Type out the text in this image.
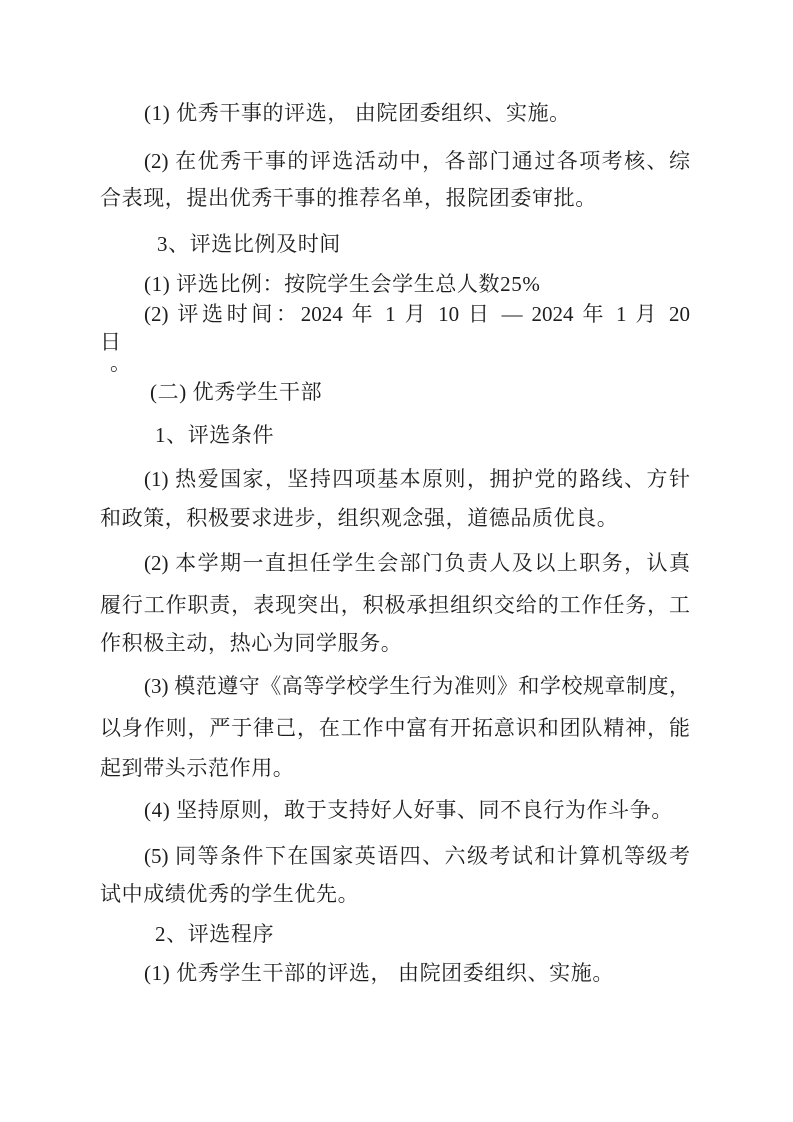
(1) 优秀干事的评选， 由院团委组织、实施。
(2) 在优秀干事的评选活动中，各部门通过各项考核、综
合表现，提出优秀干事的推荐名单，报院团委审批。
3、评选比例及时间
(1) 评选比例：按院学生会学生总人数25%
(2) 评选时间：2024 年 1 月 10 日 — 2024 年 1 月 20
日
。
(二) 优秀学生干部
1、评选条件
(1) 热爱国家，坚持四项基本原则，拥护党的路线、方针
和政策，积极要求进步，组织观念强，道德品质优良。
(2) 本学期一直担任学生会部门负责人及以上职务，认真
履行工作职责，表现突出，积极承担组织交给的工作任务，工
作积极主动，热心为同学服务。
(3) 模范遵守《高等学校学生行为准则》和学校规章制度，
以身作则，严于律己，在工作中富有开拓意识和团队精神，能
起到带头示范作用。
(4) 坚持原则，敢于支持好人好事、同不良行为作斗争。
(5) 同等条件下在国家英语四、六级考试和计算机等级考
试中成绩优秀的学生优先。
2、评选程序
(1) 优秀学生干部的评选， 由院团委组织、实施。
